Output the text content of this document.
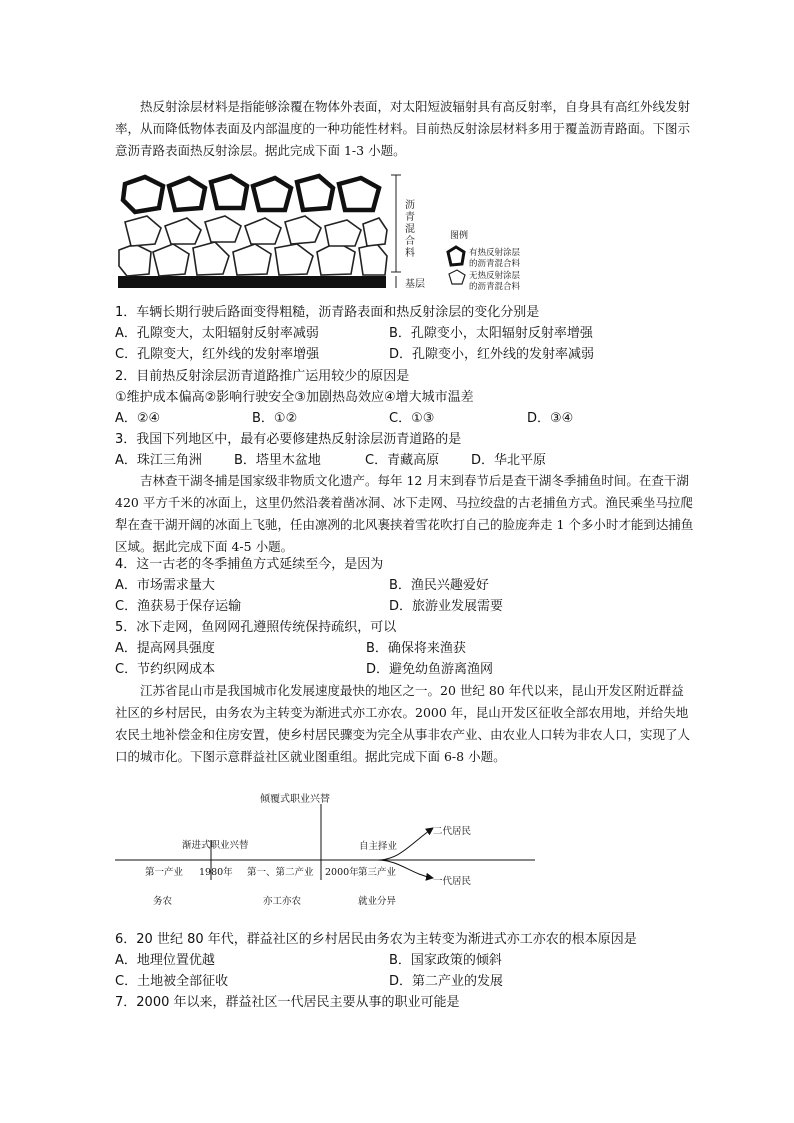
热反射涂层材料是指能够涂覆在物体外表面，对太阳短波辐射具有高反射率，自身具有高红外线发射率，从而降低物体表面及内部温度的一种功能性材料。目前热反射涂层材料多用于覆盖沥青路面。下图示意沥青路表面热反射涂层。据此完成下面 1-3 小题。
沥 青 混 合 料
基层
图例
有热反射涂层 的沥青混合料
无热反射涂层 的沥青混合料
1．车辆长期行驶后路面变得粗糙，沥青路表面和热反射涂层的变化分别是
A．孔隙变大，太阳辐射反射率减弱	B．孔隙变小，太阳辐射反射率增强
C．孔隙变大，红外线的发射率增强	D．孔隙变小，红外线的发射率减弱
2．目前热反射涂层沥青道路推广运用较少的原因是
①维护成本偏高②影响行驶安全③加剧热岛效应④增大城市温差
A．②④	B．①②	C．①③	D．③④
3．我国下列地区中，最有必要修建热反射涂层沥青道路的是
A．珠江三角洲 B．塔里木盆地	C．青藏高原 D．华北平原
吉林查干湖冬捕是国家级非物质文化遗产。每年 12 月末到春节后是查干湖冬季捕鱼时间。在查干湖 420 平方千米的冰面上，这里仍然沿袭着凿冰洞、冰下走网、马拉绞盘的古老捕鱼方式。渔民乘坐马拉爬犁在查干湖开阔的冰面上飞驰，任由凛冽的北风裹挟着雪花吹打自己的脸庞奔走 1 个多小时才能到达捕鱼区域。据此完成下面 4-5 小题。
4．这一古老的冬季捕鱼方式延续至今，是因为
A．市场需求量大	B．渔民兴趣爱好
C．渔获易于保存运输	D．旅游业发展需要
5．冰下走网，鱼网网孔遵照传统保持疏织，可以
A．提高网具强度	B．确保将来渔获
C．节约织网成本	D．避免幼鱼游离渔网
江苏省昆山市是我国城市化发展速度最快的地区之一。20 世纪 80 年代以来，昆山开发区附近群益社区的乡村居民，由务农为主转变为渐进式亦工亦农。2000 年，昆山开发区征收全部农用地，并给失地农民土地补偿金和住房安置，使乡村居民骤变为完全从事非农产业、由农业人口转为非农人口，实现了人口的城市化。下图示意群益社区就业图重组。据此完成下面 6-8 小题。
倾覆式职业兴替
渐进式职业兴替	自主择业
二代居民
一代居民
第一产业 1980年 第一、第二产业 2000年 第三产业
务农	亦工亦农	就业分异
6．20 世纪 80 年代，群益社区的乡村居民由务农为主转变为渐进式亦工亦农的根本原因是
A．地理位置优越	B．国家政策的倾斜
C．土地被全部征收	D．第二产业的发展
7．2000 年以来，群益社区一代居民主要从事的职业可能是
